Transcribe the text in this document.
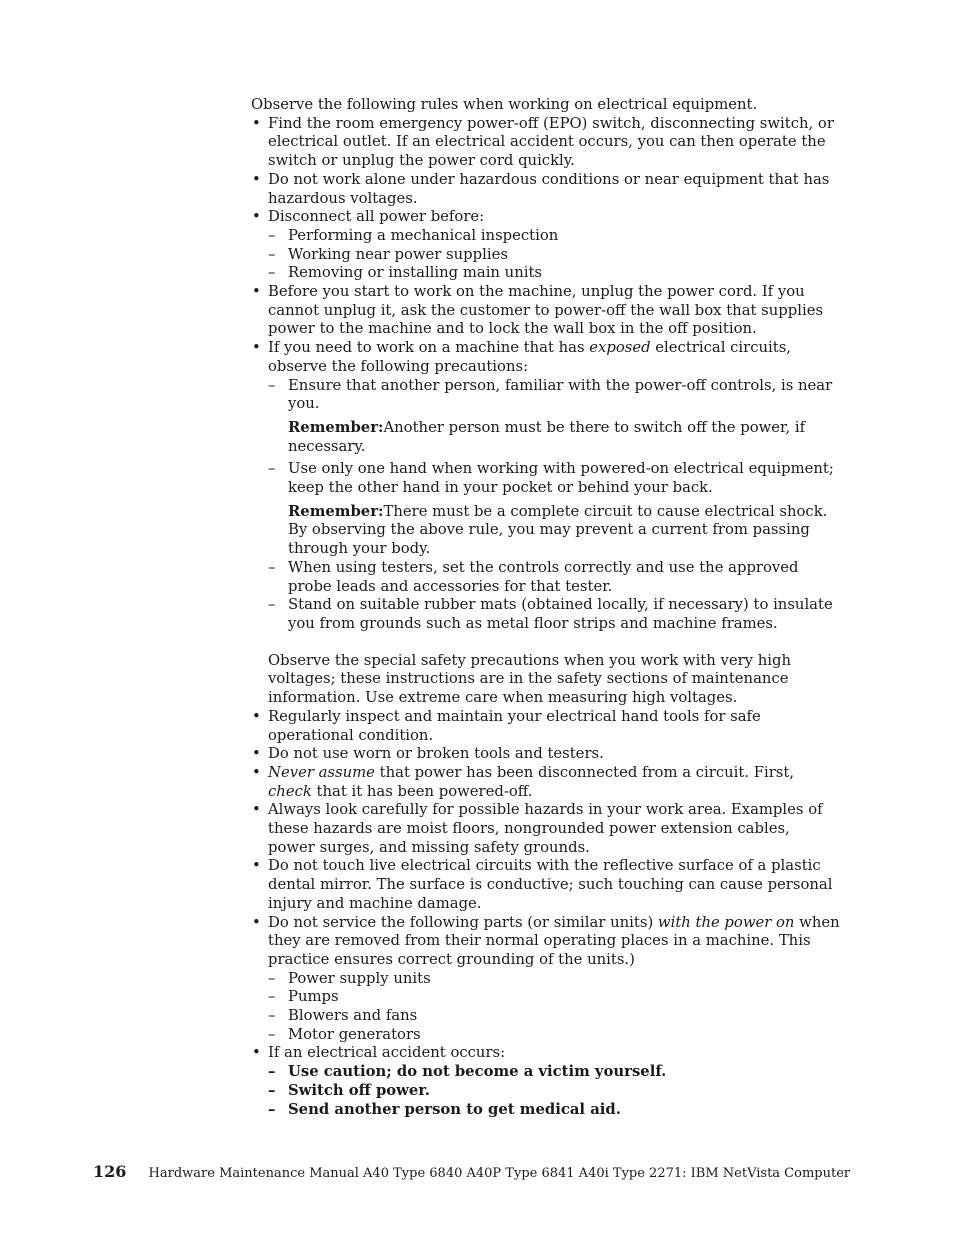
Observe the following rules when working on electrical equipment.

• Find the room emergency power-off (EPO) switch, disconnecting switch, or electrical outlet. If an electrical accident occurs, you can then operate the switch or unplug the power cord quickly.
• Do not work alone under hazardous conditions or near equipment that has hazardous voltages.
• Disconnect all power before:
– Performing a mechanical inspection
– Working near power supplies
– Removing or installing main units
• Before you start to work on the machine, unplug the power cord. If you cannot unplug it, ask the customer to power-off the wall box that supplies power to the machine and to lock the wall box in the off position.
• If you need to work on a machine that has exposed electrical circuits, observe the following precautions:
– Ensure that another person, familiar with the power-off controls, is near you.

Remember:Another person must be there to switch off the power, if necessary.

– Use only one hand when working with powered-on electrical equipment; keep the other hand in your pocket or behind your back.

Remember:There must be a complete circuit to cause electrical shock. By observing the above rule, you may prevent a current from passing through your body.

– When using testers, set the controls correctly and use the approved probe leads and accessories for that tester.
– Stand on suitable rubber mats (obtained locally, if necessary) to insulate you from grounds such as metal floor strips and machine frames.

Observe the special safety precautions when you work with very high voltages; these instructions are in the safety sections of maintenance information. Use extreme care when measuring high voltages.

• Regularly inspect and maintain your electrical hand tools for safe operational condition.
• Do not use worn or broken tools and testers.
• Never assume that power has been disconnected from a circuit. First, check that it has been powered-off.
• Always look carefully for possible hazards in your work area. Examples of these hazards are moist floors, nongrounded power extension cables, power surges, and missing safety grounds.
• Do not touch live electrical circuits with the reflective surface of a plastic dental mirror. The surface is conductive; such touching can cause personal injury and machine damage.
• Do not service the following parts (or similar units) with the power on when they are removed from their normal operating places in a machine. This practice ensures correct grounding of the units.)
– Power supply units
– Pumps
– Blowers and fans
– Motor generators
• If an electrical accident occurs:
– Use caution; do not become a victim yourself.
– Switch off power.
– Send another person to get medical aid.
126 Hardware Maintenance Manual A40 Type 6840 A40P Type 6841 A40i Type 2271: IBM NetVista Computer
